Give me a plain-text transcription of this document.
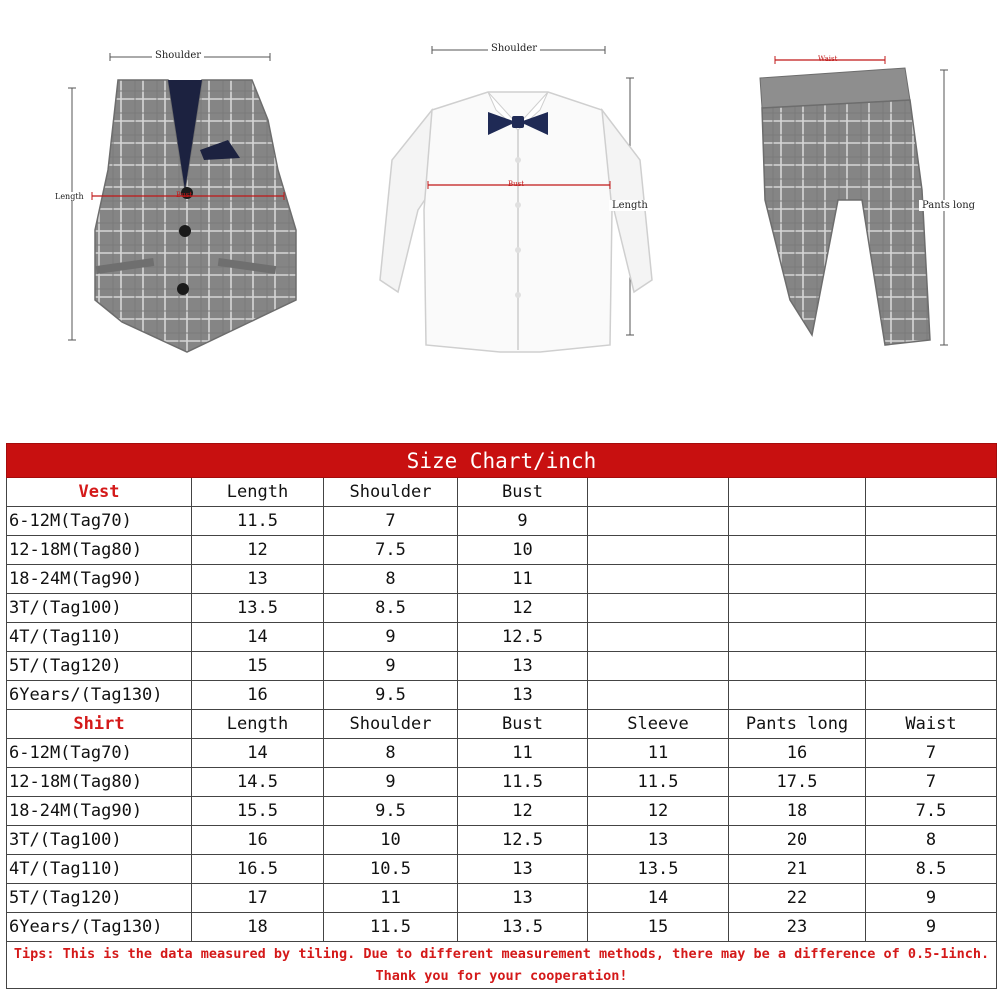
Shoulder
Length	Bust
Shoulder
Length
Bust
Waist
Pants long
Size Chart/inch						
Vest	Length	Shoulder	Bust			
6-12M(Tag70)	11.5	7	9			
12-18M(Tag80)	12	7.5	10			
18-24M(Tag90)	13	8	11			
3T/(Tag100)	13.5	8.5	12			
4T/(Tag110)	14	9	12.5			
5T/(Tag120)	15	9	13			
6Years/(Tag130)	16	9.5	13			
Shirt	Length	Shoulder	Bust	Sleeve	Pants long	Waist
6-12M(Tag70)	14	8	11	11	16	7
12-18M(Tag80)	14.5	9	11.5	11.5	17.5	7
18-24M(Tag90)	15.5	9.5	12	12	18	7.5
3T/(Tag100)	16	10	12.5	13	20	8
4T/(Tag110)	16.5	10.5	13	13.5	21	8.5
5T/(Tag120)	17	11	13	14	22	9
6Years/(Tag130)	18	11.5	13.5	15	23	9
Tips: This is the data measured by tiling. Due to different measurement methods, there may be a difference of 0.5-1inch. Thank you for your cooperation!						
